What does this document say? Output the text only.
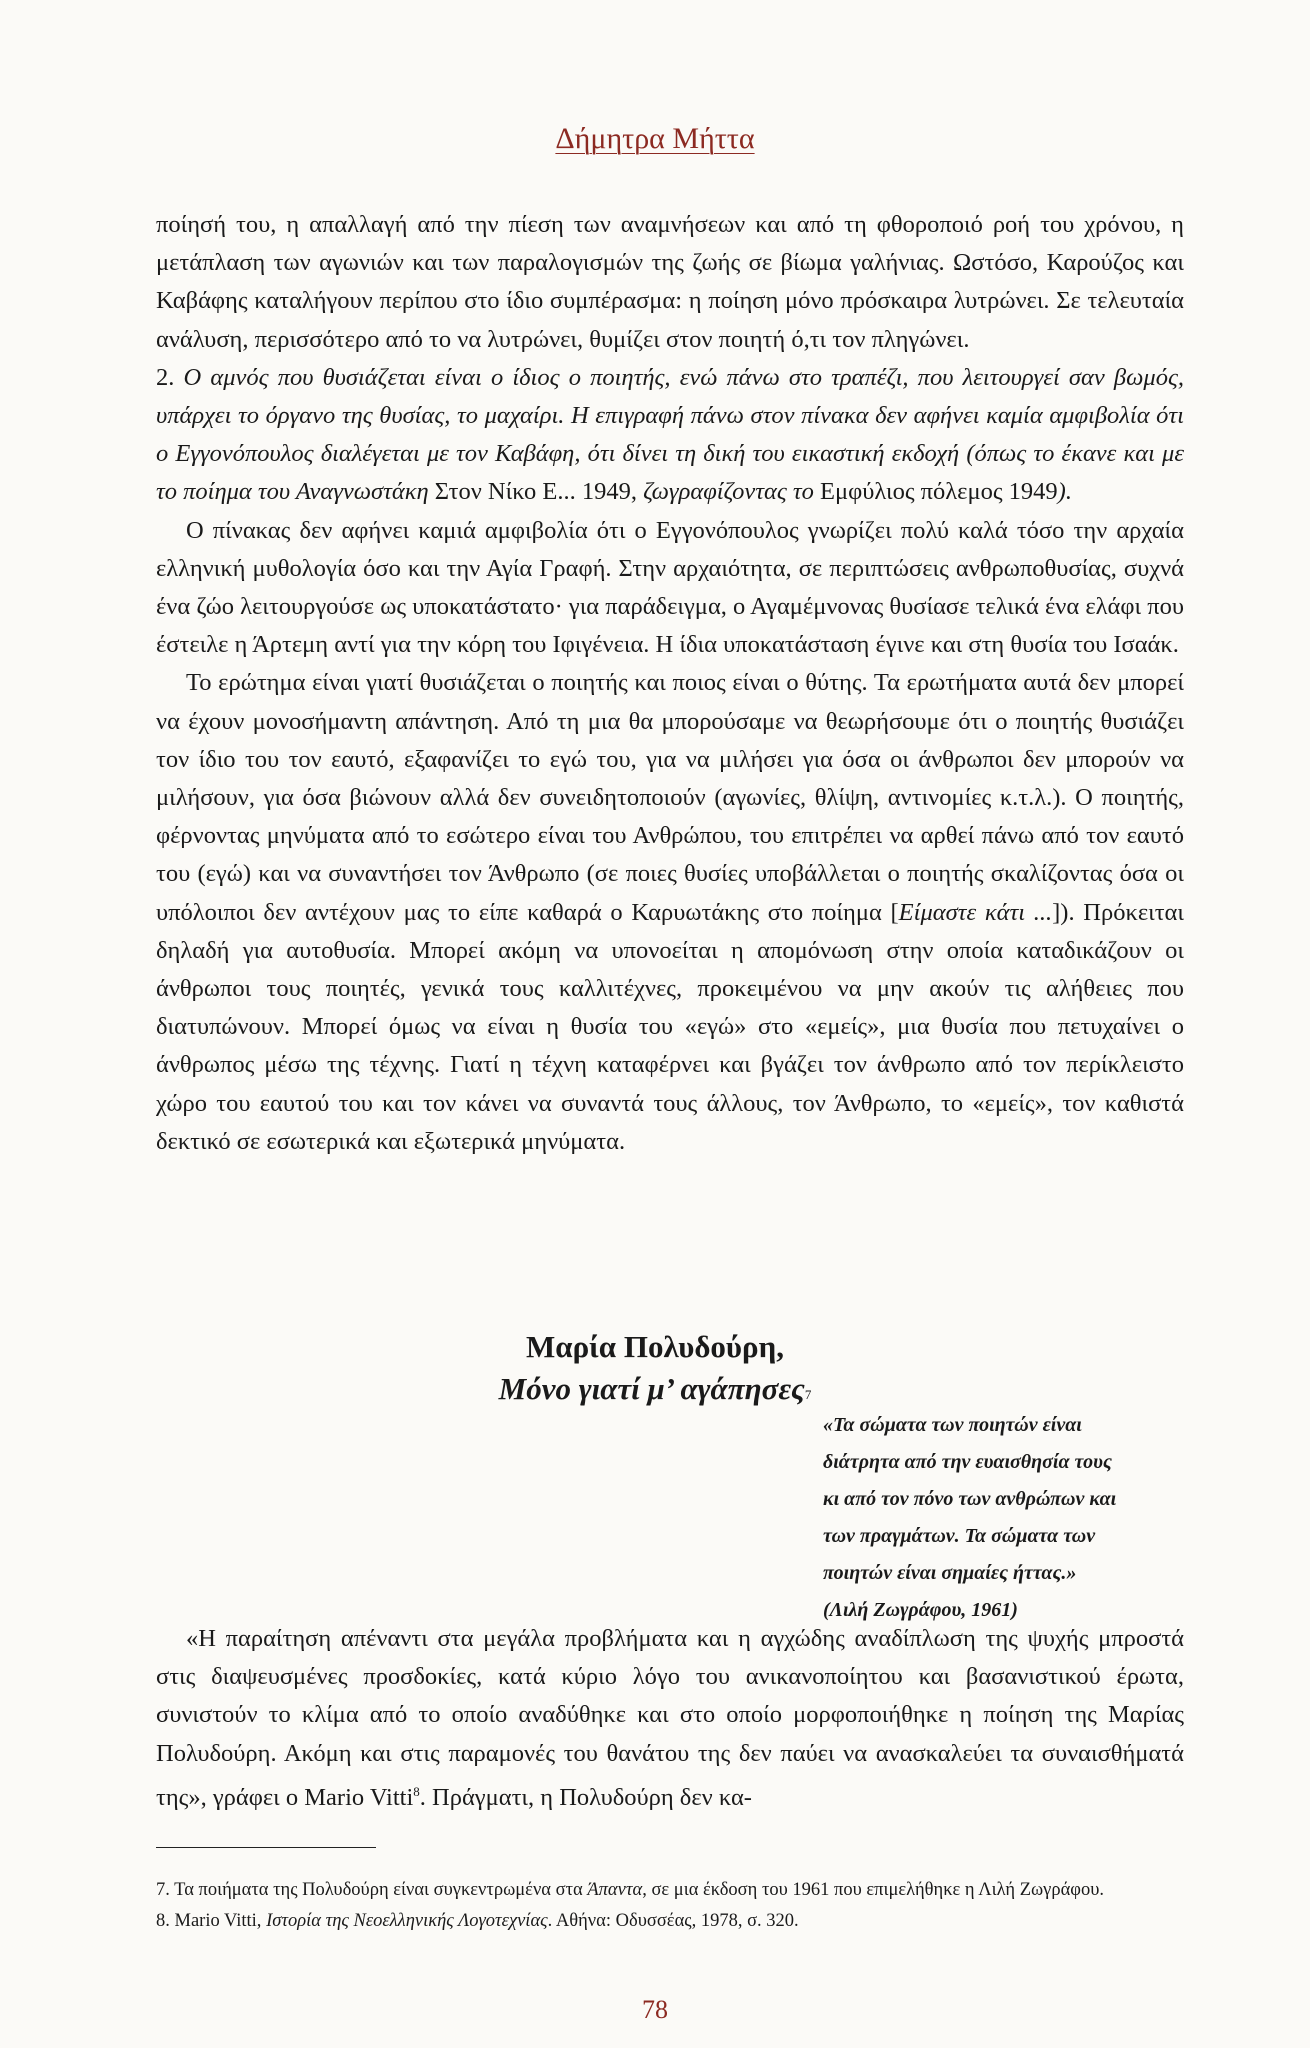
Δήμητρα Μήττα

ποίησή του, η απαλλαγή από την πίεση των αναμνήσεων και από τη φθοροποιό ροή του χρόνου, η μετάπλαση των αγωνιών και των παραλογισμών της ζωής σε βίωμα γαλήνιας. Ωστόσο, Καρούζος και Καβάφης καταλήγουν περίπου στο ίδιο συμπέρασμα: η ποίηση μόνο πρόσκαιρα λυτρώνει. Σε τελευταία ανάλυση, περισσότερο από το να λυτρώνει, θυμίζει στον ποιητή ό,τι τον πληγώνει.

2. Ο αμνός που θυσιάζεται είναι ο ίδιος ο ποιητής, ενώ πάνω στο τραπέζι, που λειτουργεί σαν βωμός, υπάρχει το όργανο της θυσίας, το μαχαίρι. Η επιγραφή πάνω στον πίνακα δεν αφήνει καμία αμφιβολία ότι ο Εγγονόπουλος διαλέγεται με τον Καβάφη, ότι δίνει τη δική του εικαστική εκδοχή (όπως το έκανε και με το ποίημα του Αναγνωστάκη Στον Νίκο Ε... 1949, ζωγραφίζοντας το Εμφύλιος πόλεμος 1949).

Ο πίνακας δεν αφήνει καμιά αμφιβολία ότι ο Εγγονόπουλος γνωρίζει πολύ καλά τόσο την αρχαία ελληνική μυθολογία όσο και την Αγία Γραφή. Στην αρχαιότητα, σε περιπτώσεις ανθρωποθυσίας, συχνά ένα ζώο λειτουργούσε ως υποκατάστατο· για παράδειγμα, ο Αγαμέμνονας θυσίασε τελικά ένα ελάφι που έστειλε η Άρτεμη αντί για την κόρη του Ιφιγένεια. Η ίδια υποκατάσταση έγινε και στη θυσία του Ισαάκ.

Το ερώτημα είναι γιατί θυσιάζεται ο ποιητής και ποιος είναι ο θύτης. Τα ερωτήματα αυτά δεν μπορεί να έχουν μονοσήμαντη απάντηση. Από τη μια θα μπορούσαμε να θεωρήσουμε ότι ο ποιητής θυσιάζει τον ίδιο του τον εαυτό, εξαφανίζει το εγώ του, για να μιλήσει για όσα οι άνθρωποι δεν μπορούν να μιλήσουν, για όσα βιώνουν αλλά δεν συνειδητοποιούν (αγωνίες, θλίψη, αντινομίες κ.τ.λ.). Ο ποιητής, φέρνοντας μηνύματα από το εσώτερο είναι του Ανθρώπου, του επιτρέπει να αρθεί πάνω από τον εαυτό του (εγώ) και να συναντήσει τον Άνθρωπο (σε ποιες θυσίες υποβάλλεται ο ποιητής σκαλίζοντας όσα οι υπόλοιποι δεν αντέχουν μας το είπε καθαρά ο Καρυωτάκης στο ποίημα [Είμαστε κάτι ...]). Πρόκειται δηλαδή για αυτοθυσία. Μπορεί ακόμη να υπονοείται η απομόνωση στην οποία καταδικάζουν οι άνθρωποι τους ποιητές, γενικά τους καλλιτέχνες, προκειμένου να μην ακούν τις αλήθειες που διατυπώνουν. Μπορεί όμως να είναι η θυσία του «εγώ» στο «εμείς», μια θυσία που πετυχαίνει ο άνθρωπος μέσω της τέχνης. Γιατί η τέχνη καταφέρνει και βγάζει τον άνθρωπο από τον περίκλειστο χώρο του εαυτού του και τον κάνει να συναντά τους άλλους, τον Άνθρωπο, το «εμείς», τον καθιστά δεκτικό σε εσωτερικά και εξωτερικά μηνύματα.

Μαρία Πολυδούρη,
Μόνο γιατί μ’ αγάπησες$^7$
«Τα σώματα των ποιητών είναι
διάτρητα από την ευαισθησία τους
κι από τον πόνο των ανθρώπων και
των πραγμάτων. Τα σώματα των
ποιητών είναι σημαίες ήττας.»
(Λιλή Ζωγράφου, 1961)

«Η παραίτηση απέναντι στα μεγάλα προβλήματα και η αγχώδης αναδίπλωση της ψυχής μπροστά στις διαψευσμένες προσδοκίες, κατά κύριο λόγο του ανικανοποίητου και βασανιστικού έρωτα, συνιστούν το κλίμα από το οποίο αναδύθηκε και στο οποίο μορφοποιήθηκε η ποίηση της Μαρίας Πολυδούρη. Ακόμη και στις παραμονές του θανάτου της δεν παύει να ανασκαλεύει τα συναισθήματά της», γράφει ο Mario Vitti$^8$. Πράγματι, η Πολυδούρη δεν κα-

7. Τα ποιήματα της Πολυδούρη είναι συγκεντρωμένα στα Άπαντα, σε μια έκδοση του 1961 που επιμελήθηκε η Λιλή Ζωγράφου.

8. Mario Vitti, Ιστορία της Νεοελληνικής Λογοτεχνίας. Αθήνα: Οδυσσέας, 1978, σ. 320.

78
